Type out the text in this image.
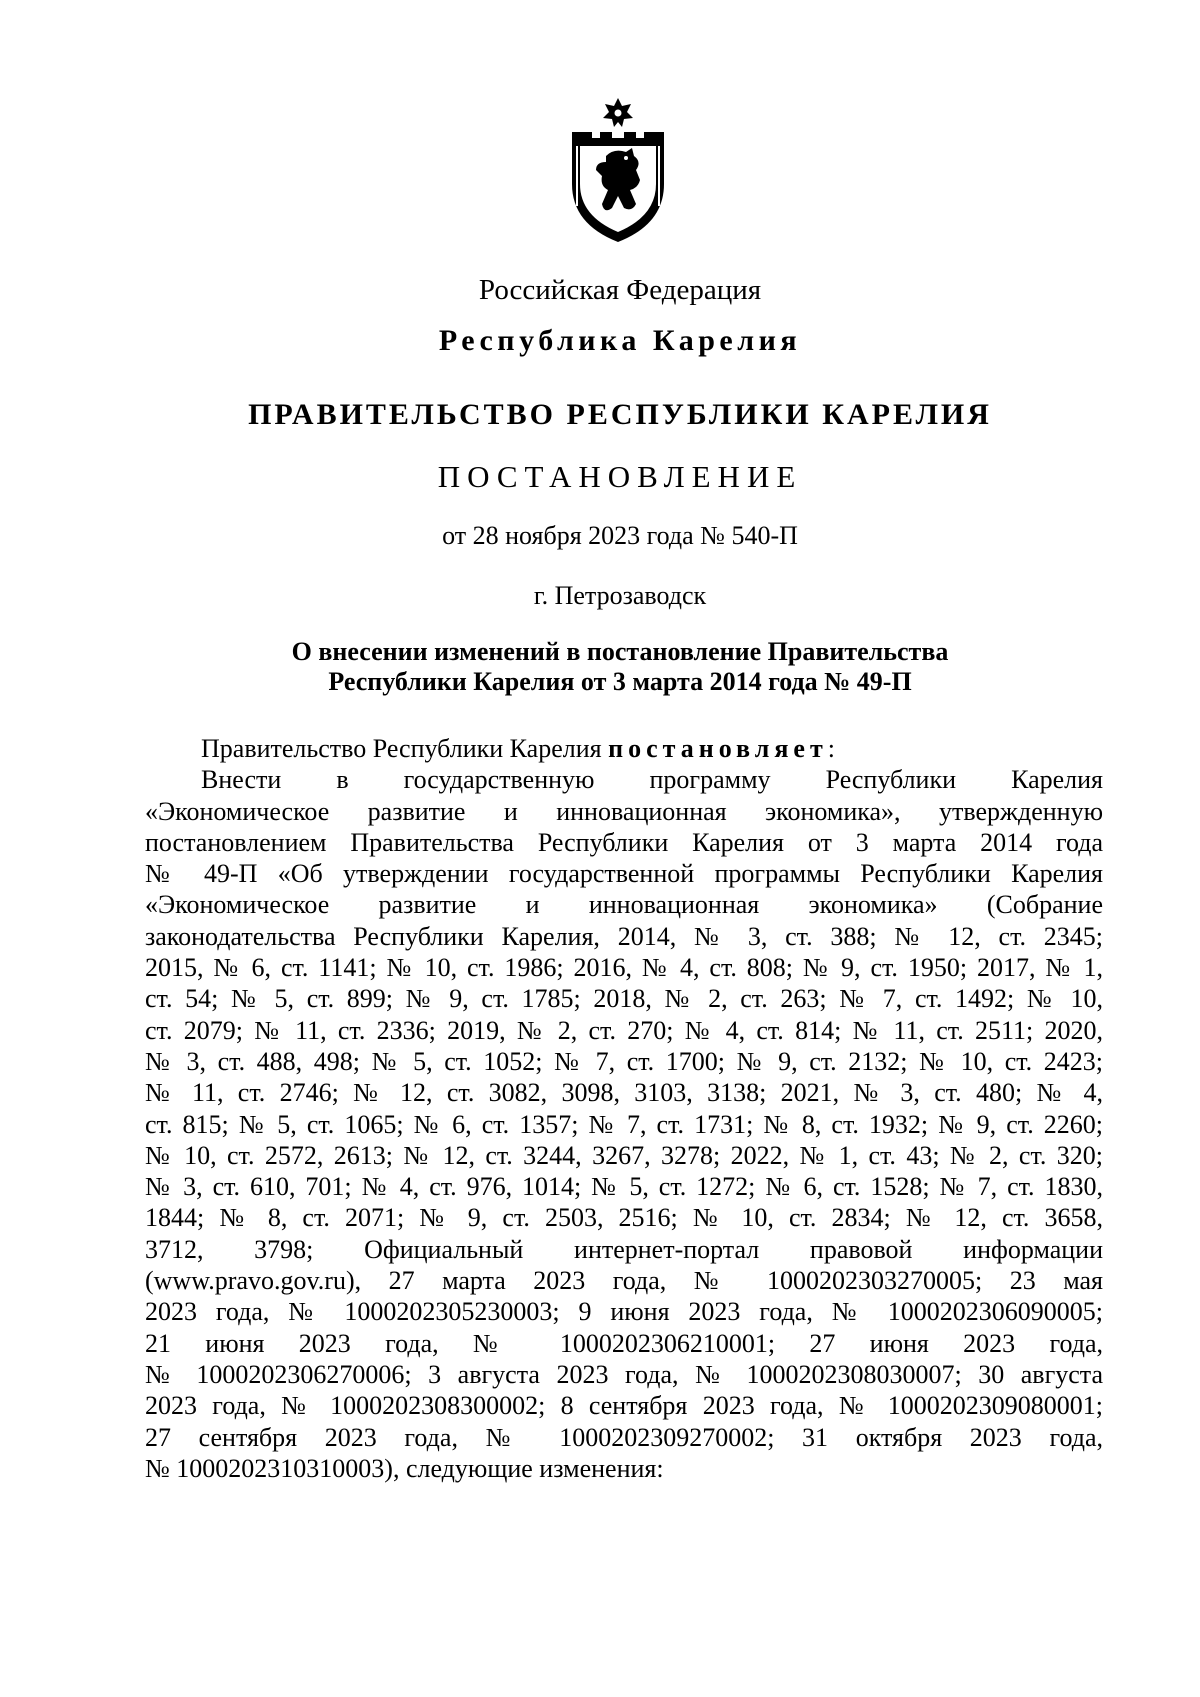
Российская Федерация
Республика Карелия
ПРАВИТЕЛЬСТВО РЕСПУБЛИКИ КАРЕЛИЯ
ПОСТАНОВЛЕНИЕ
от 28 ноября 2023 года № 540-П
г. Петрозаводск
О внесении изменений в постановление Правительства
Республики Карелия от 3 марта 2014 года № 49-П
Правительство Республики Карелия постановляет:
Внести в государственную программу Республики Карелия
«Экономическое развитие и инновационная экономика», утвержденную
постановлением Правительства Республики Карелия от 3 марта 2014 года
№ 49-П «Об утверждении государственной программы Республики Карелия
«Экономическое развитие и инновационная экономика» (Собрание
законодательства Республики Карелия, 2014, № 3, ст. 388; № 12, ст. 2345;
2015, № 6, ст. 1141; № 10, ст. 1986; 2016, № 4, ст. 808; № 9, ст. 1950; 2017, № 1,
ст. 54; № 5, ст. 899; № 9, ст. 1785; 2018, № 2, ст. 263; № 7, ст. 1492; № 10,
ст. 2079; № 11, ст. 2336; 2019, № 2, ст. 270; № 4, ст. 814; № 11, ст. 2511; 2020,
№ 3, ст. 488, 498; № 5, ст. 1052; № 7, ст. 1700; № 9, ст. 2132; № 10, ст. 2423;
№ 11, ст. 2746; № 12, ст. 3082, 3098, 3103, 3138; 2021, № 3, ст. 480; № 4,
ст. 815; № 5, ст. 1065; № 6, ст. 1357; № 7, ст. 1731; № 8, ст. 1932; № 9, ст. 2260;
№ 10, ст. 2572, 2613; № 12, ст. 3244, 3267, 3278; 2022, № 1, ст. 43; № 2, ст. 320;
№ 3, ст. 610, 701; № 4, ст. 976, 1014; № 5, ст. 1272; № 6, ст. 1528; № 7, ст. 1830,
1844; № 8, ст. 2071; № 9, ст. 2503, 2516; № 10, ст. 2834; № 12, ст. 3658,
3712, 3798; Официальный интернет-портал правовой информации
(www.pravo.gov.ru), 27 марта 2023 года, № 1000202303270005; 23 мая
2023 года, № 1000202305230003; 9 июня 2023 года, № 1000202306090005;
21 июня 2023 года, № 1000202306210001; 27 июня 2023 года,
№ 1000202306270006; 3 августа 2023 года, № 1000202308030007; 30 августа
2023 года, № 1000202308300002; 8 сентября 2023 года, № 1000202309080001;
27 сентября 2023 года, № 1000202309270002; 31 октября 2023 года,
№ 1000202310310003), следующие изменения:
